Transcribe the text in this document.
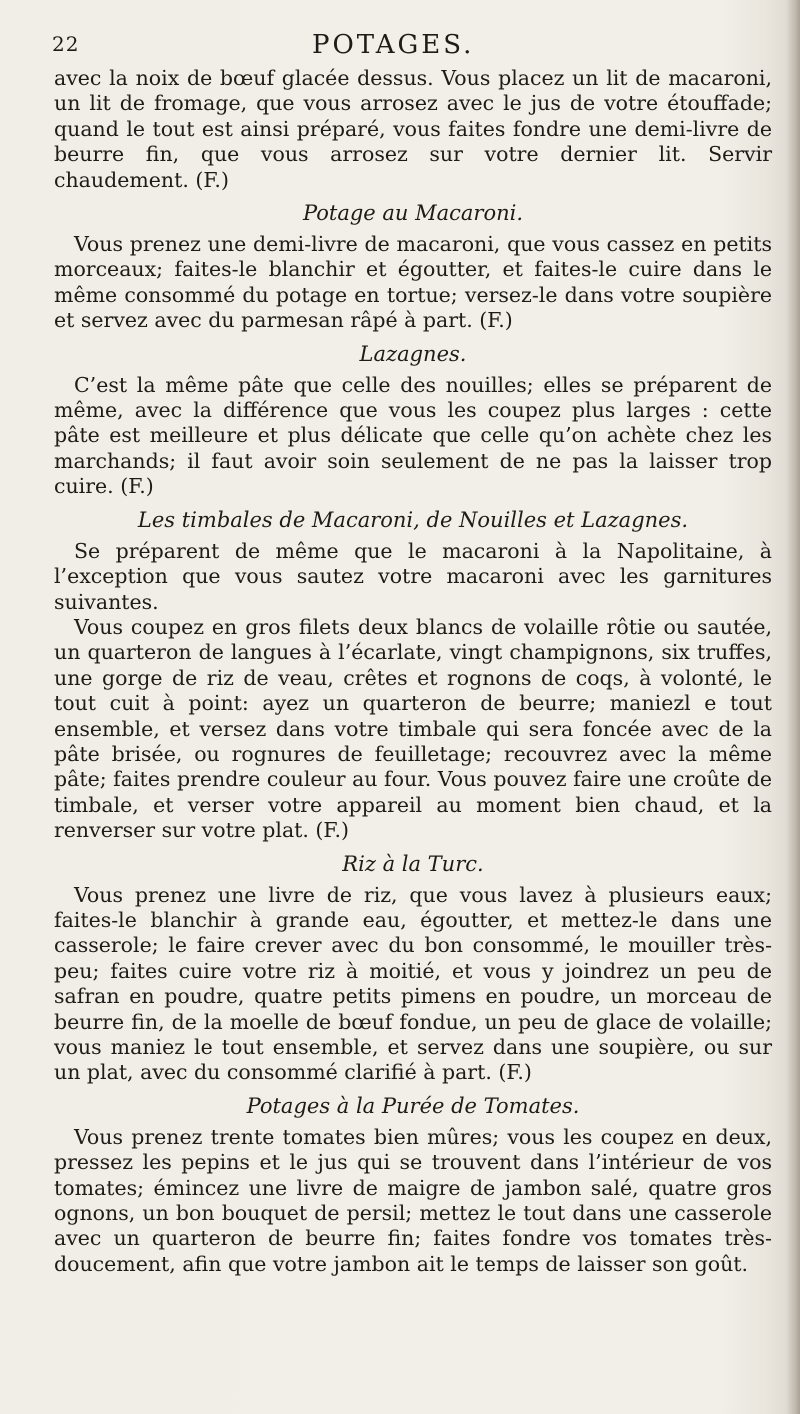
22	POTAGES.

avec la noix de bœuf glacée dessus. Vous placez un lit de macaroni, un lit de fromage, que vous arrosez avec le jus de votre étouffade; quand le tout est ainsi préparé, vous faites fondre une demi-livre de beurre fin, que vous arrosez sur votre dernier lit. Servir chaudement. (F.)

Potage au Macaroni.

Vous prenez une demi-livre de macaroni, que vous cassez en petits morceaux; faites-le blanchir et égoutter, et faites-le cuire dans le même consommé du potage en tortue; versez-le dans votre soupière et servez avec du parmesan râpé à part. (F.)

Lazagnes.

C’est la même pâte que celle des nouilles; elles se préparent de même, avec la différence que vous les coupez plus larges : cette pâte est meilleure et plus délicate que celle qu’on achète chez les marchands; il faut avoir soin seulement de ne pas la laisser trop cuire. (F.)

Les timbales de Macaroni, de Nouilles et Lazagnes.

Se préparent de même que le macaroni à la Napolitaine, à l’exception que vous sautez votre macaroni avec les garnitures suivantes.

Vous coupez en gros filets deux blancs de volaille rôtie ou sautée, un quarteron de langues à l’écarlate, vingt champignons, six truffes, une gorge de riz de veau, crêtes et rognons de coqs, à volonté, le tout cuit à point: ayez un quarteron de beurre; maniezl e tout ensemble, et versez dans votre timbale qui sera foncée avec de la pâte brisée, ou rognures de feuilletage; recouvrez avec la même pâte; faites prendre couleur au four. Vous pouvez faire une croûte de timbale, et verser votre appareil au moment bien chaud, et la renverser sur votre plat. (F.)

Riz à la Turc.

Vous prenez une livre de riz, que vous lavez à plusieurs eaux; faites-le blanchir à grande eau, égoutter, et mettez-le dans une casserole; le faire crever avec du bon consommé, le mouiller très-peu; faites cuire votre riz à moitié, et vous y joindrez un peu de safran en poudre, quatre petits pimens en poudre, un morceau de beurre fin, de la moelle de bœuf fondue, un peu de glace de volaille; vous maniez le tout ensemble, et servez dans une soupière, ou sur un plat, avec du consommé clarifié à part. (F.)

Potages à la Purée de Tomates.

Vous prenez trente tomates bien mûres; vous les coupez en deux, pressez les pepins et le jus qui se trouvent dans l’intérieur de vos tomates; émincez une livre de maigre de jambon salé, quatre gros ognons, un bon bouquet de persil; mettez le tout dans une casserole avec un quarteron de beurre fin; faites fondre vos tomates très-doucement, afin que votre jambon ait le temps de laisser son goût.
